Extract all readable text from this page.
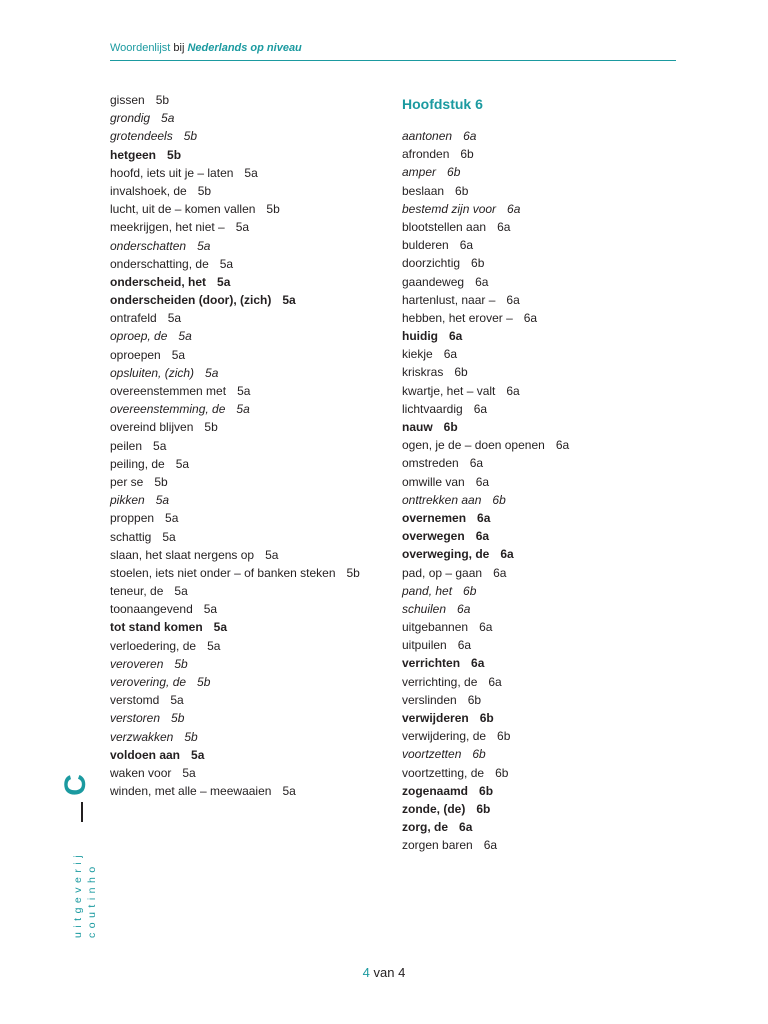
Woordenlijst bij Nederlands op niveau
gissen 5b
grondig 5a
grotendeels 5b
hetgeen 5b
hoofd, iets uit je – laten 5a
invalshoek, de 5b
lucht, uit de – komen vallen 5b
meekrijgen, het niet – 5a
onderschatten 5a
onderschatting, de 5a
onderscheid, het 5a
onderscheiden (door), (zich) 5a
ontrafeld 5a
oproep, de 5a
oproepen 5a
opsluiten, (zich) 5a
overeenstemmen met 5a
overeenstemming, de 5a
overeind blijven 5b
peilen 5a
peiling, de 5a
per se 5b
pikken 5a
proppen 5a
schattig 5a
slaan, het slaat nergens op 5a
stoelen, iets niet onder – of banken steken 5b
teneur, de 5a
toonaangevend 5a
tot stand komen 5a
verloedering, de 5a
veroveren 5b
verovering, de 5b
verstomd 5a
verstoren 5b
verzwakken 5b
voldoen aan 5a
waken voor 5a
winden, met alle – meewaaien 5a
Hoofdstuk 6
aantonen 6a
afronden 6b
amper 6b
beslaan 6b
bestemd zijn voor 6a
blootstellen aan 6a
bulderen 6a
doorzichtig 6b
gaandeweg 6a
hartenlust, naar – 6a
hebben, het erover – 6a
huidig 6a
kiekje 6a
kriskras 6b
kwartje, het – valt 6a
lichtvaardig 6a
nauw 6b
ogen, je de – doen openen 6a
omstreden 6a
omwille van 6a
onttrekken aan 6b
overnemen 6a
overwegen 6a
overweging, de 6a
pad, op – gaan 6a
pand, het 6b
schuilen 6a
uitgebannen 6a
uitpuilen 6a
verrichten 6a
verrichting, de 6a
verslinden 6b
verwijderen 6b
verwijdering, de 6b
voortzetten 6b
voortzetting, de 6b
zogenaamd 6b
zonde, (de) 6b
zorg, de 6a
zorgen baren 6a
C
uitgeverij coutinho
4 van 4
